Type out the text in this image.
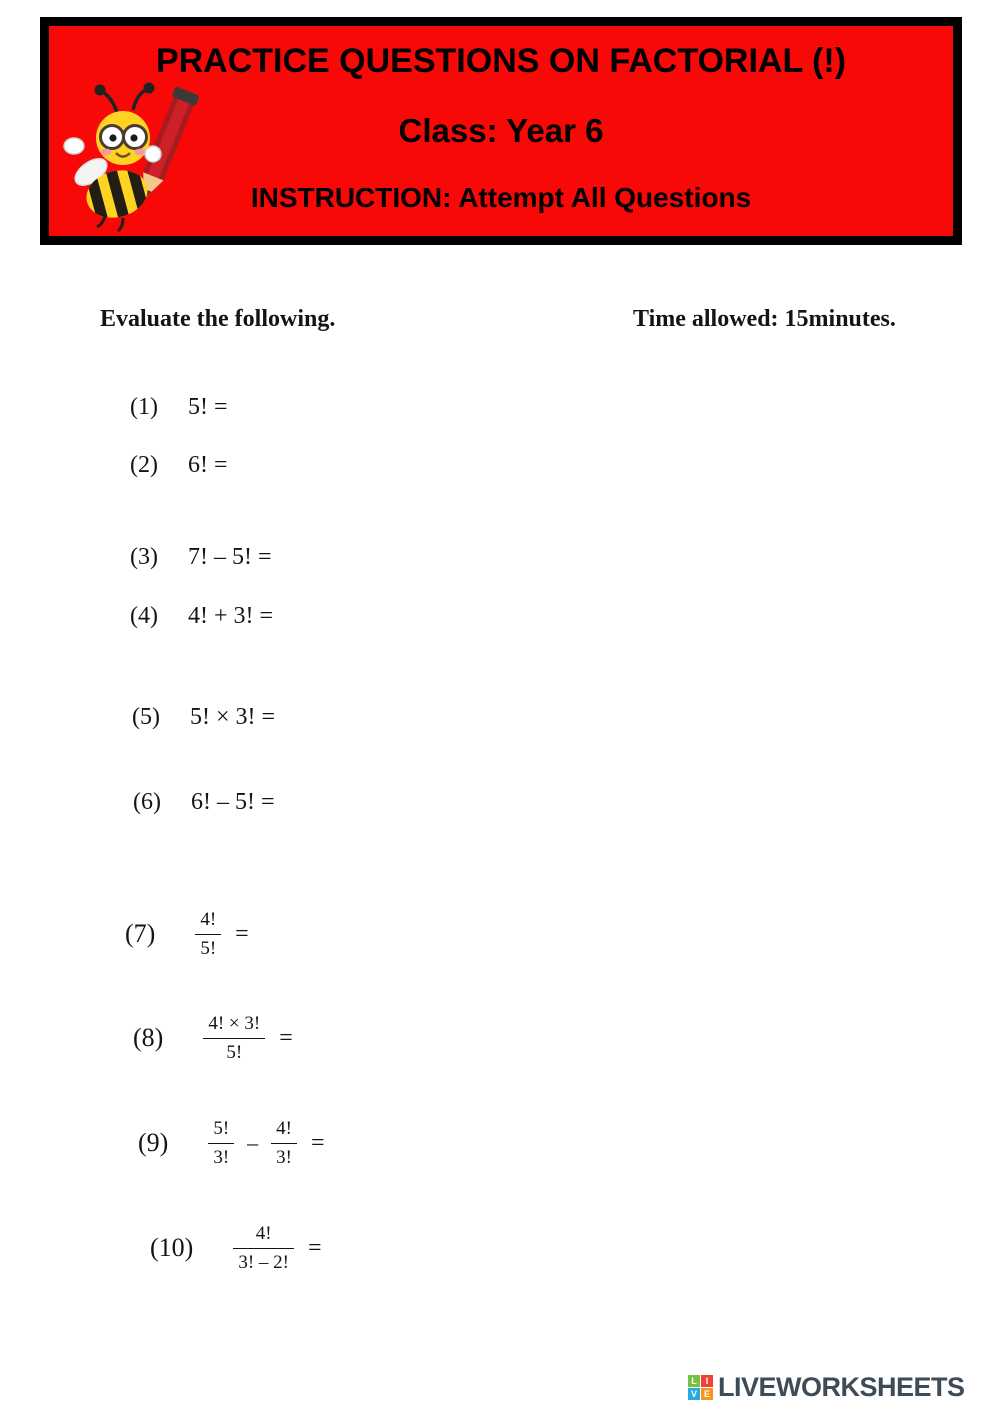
PRACTICE QUESTIONS ON FACTORIAL (!)
Class: Year 6
INSTRUCTION: Attempt All Questions
Evaluate the following.	Time allowed: 15minutes.
(1) 5! =
(2) 6! =
(3) 7! – 5! =
(4) 4! + 3! =
(5) 5! × 3! =
(6) 6! – 5! =
$(7) \frac{4!}{5!}$ =
$(8) \frac{4! \times 3!}{5!}$ =
$(9) \frac{5!}{3!} - \frac{4!}{3!}$ =
$(10) \frac{4!}{3! - 2!}$ =
L I
V E LIVEWORKSHEETS
